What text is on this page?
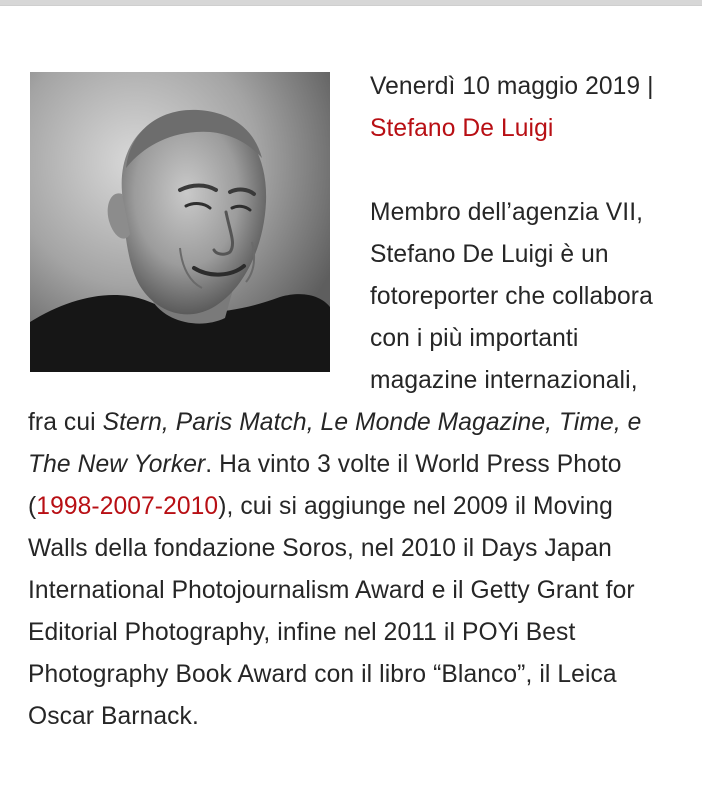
Venerdì 10 maggio 2019 | Stefano De Luigi

Membro dell’agenzia VII, Stefano De Luigi è un fotoreporter che collabora con i più importanti magazine internazionali, fra cui Stern, Paris Match, Le Monde Magazine, Time, e The New Yorker. Ha vinto 3 volte il World Press Photo (1998-2007-2010), cui si aggiunge nel 2009 il Moving Walls della fondazione Soros, nel 2010 il Days Japan International Photojournalism Award e il Getty Grant for Editorial Photography, infine nel 2011 il POYi Best Photography Book Award con il libro “Blanco”, il Leica Oscar Barnack.
